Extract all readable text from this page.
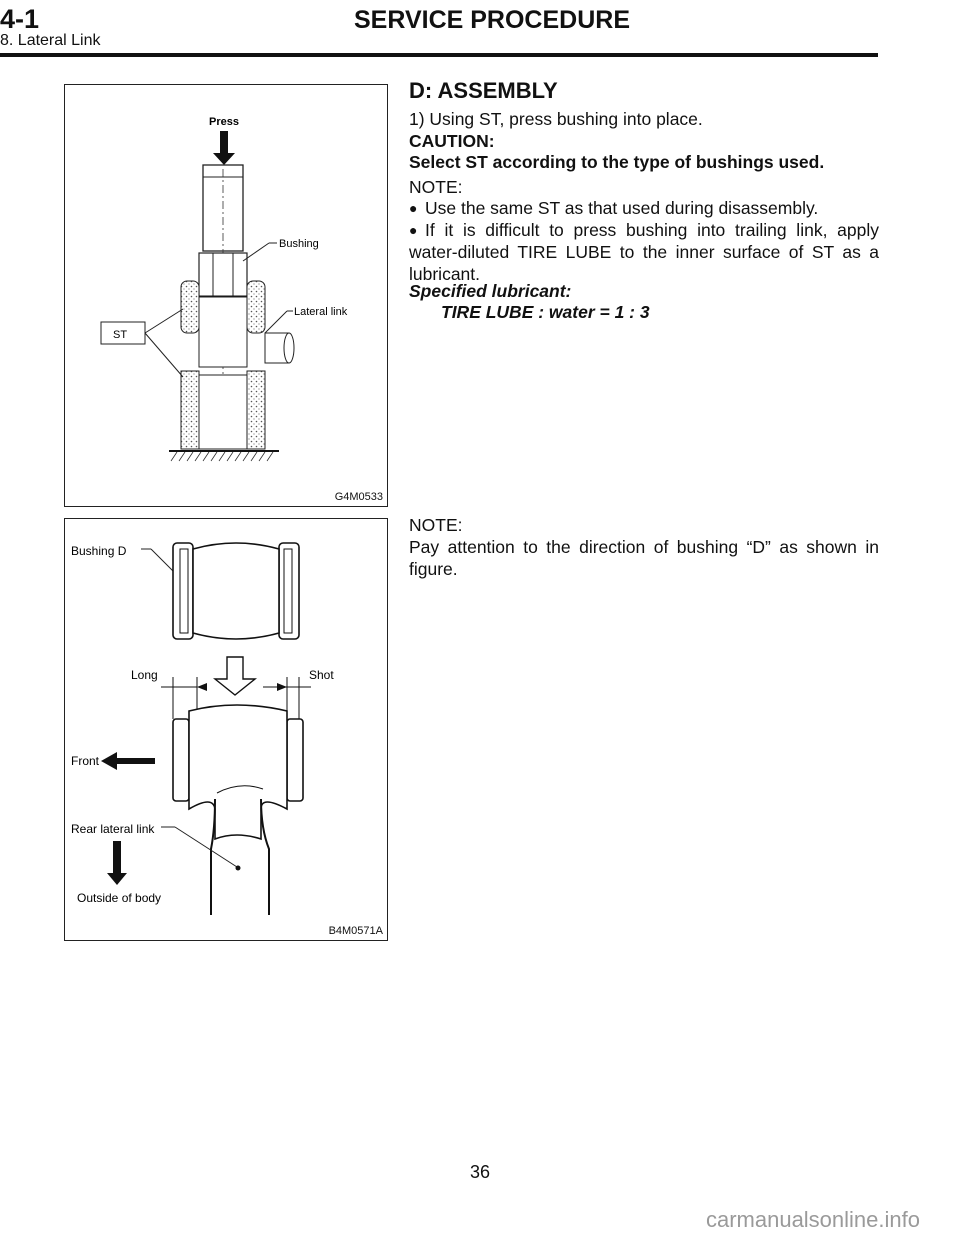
4-1	SERVICE PROCEDURE
8. Lateral Link
Press
Bushing
Lateral link
ST
G4M0533
Bushing D
Long	Shot
Front
Rear lateral link
Outside of body
B4M0571A
D: ASSEMBLY
1) Using ST, press bushing into place.
CAUTION:
Select ST according to the type of bushings used.
NOTE:
● Use the same ST as that used during disassembly.
● If it is difficult to press bushing into trailing link, apply water-diluted TIRE LUBE to the inner surface of ST as a lubricant.
Specified lubricant:
TIRE LUBE : water = 1 : 3
NOTE:
Pay attention to the direction of bushing “D” as shown in figure.
36
carmanualsonline.info
